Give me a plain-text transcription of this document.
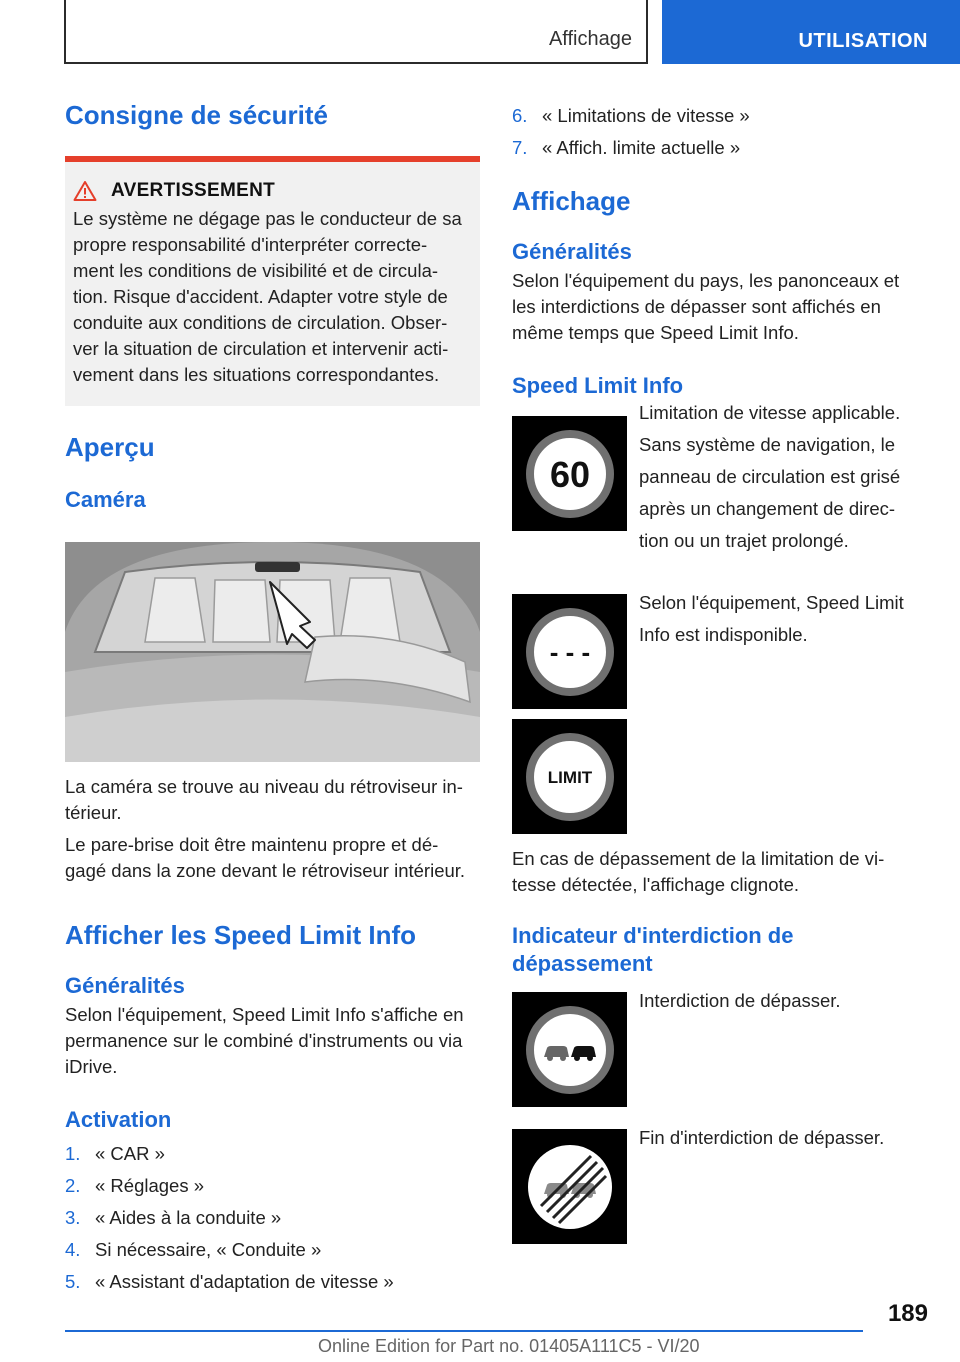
Affichage	UTILISATION
Consigne de sécurité
AVERTISSEMENT

Le système ne dégage pas le conducteur de sa

propre responsabilité d'interpréter correcte‐

ment les conditions de visibilité et de circula‐

tion. Risque d'accident. Adapter votre style de

conduite aux conditions de circulation. Obser‐

ver la situation de circulation et intervenir acti‐

vement dans les situations correspondantes.

Aperçu
Caméra

La caméra se trouve au niveau du rétroviseur in‐

térieur.

Le pare-brise doit être maintenu propre et dé‐

gagé dans la zone devant le rétroviseur intérieur.

Afficher les Speed Limit Info
Généralités

Selon l'équipement, Speed Limit Info s'affiche en

permanence sur le combiné d'instruments ou via

iDrive.

Activation
1. « CAR »
2. « Réglages »
3. « Aides à la conduite »
4. Si nécessaire, « Conduite »
5. « Assistant d'adaptation de vitesse »
6. « Limitations de vitesse »
7. « Affich. limite actuelle »
Affichage
Généralités

Selon l'équipement du pays, les panonceaux et

les interdictions de dépasser sont affichés en

même temps que Speed Limit Info.

Speed Limit Info
60

Limitation de vitesse applicable.

Sans système de navigation, le

panneau de circulation est grisé

après un changement de direc‐

tion ou un trajet prolongé.

- - -

Selon l'équipement, Speed Limit

Info est indisponible.

LIMIT

En cas de dépassement de la limitation de vi‐

tesse détectée, l'affichage clignote.

Indicateur d'interdiction de
dépassement

Interdiction de dépasser.

Fin d'interdiction de dépasser.

189
Online Edition for Part no. 01405A111C5 - VI/20
